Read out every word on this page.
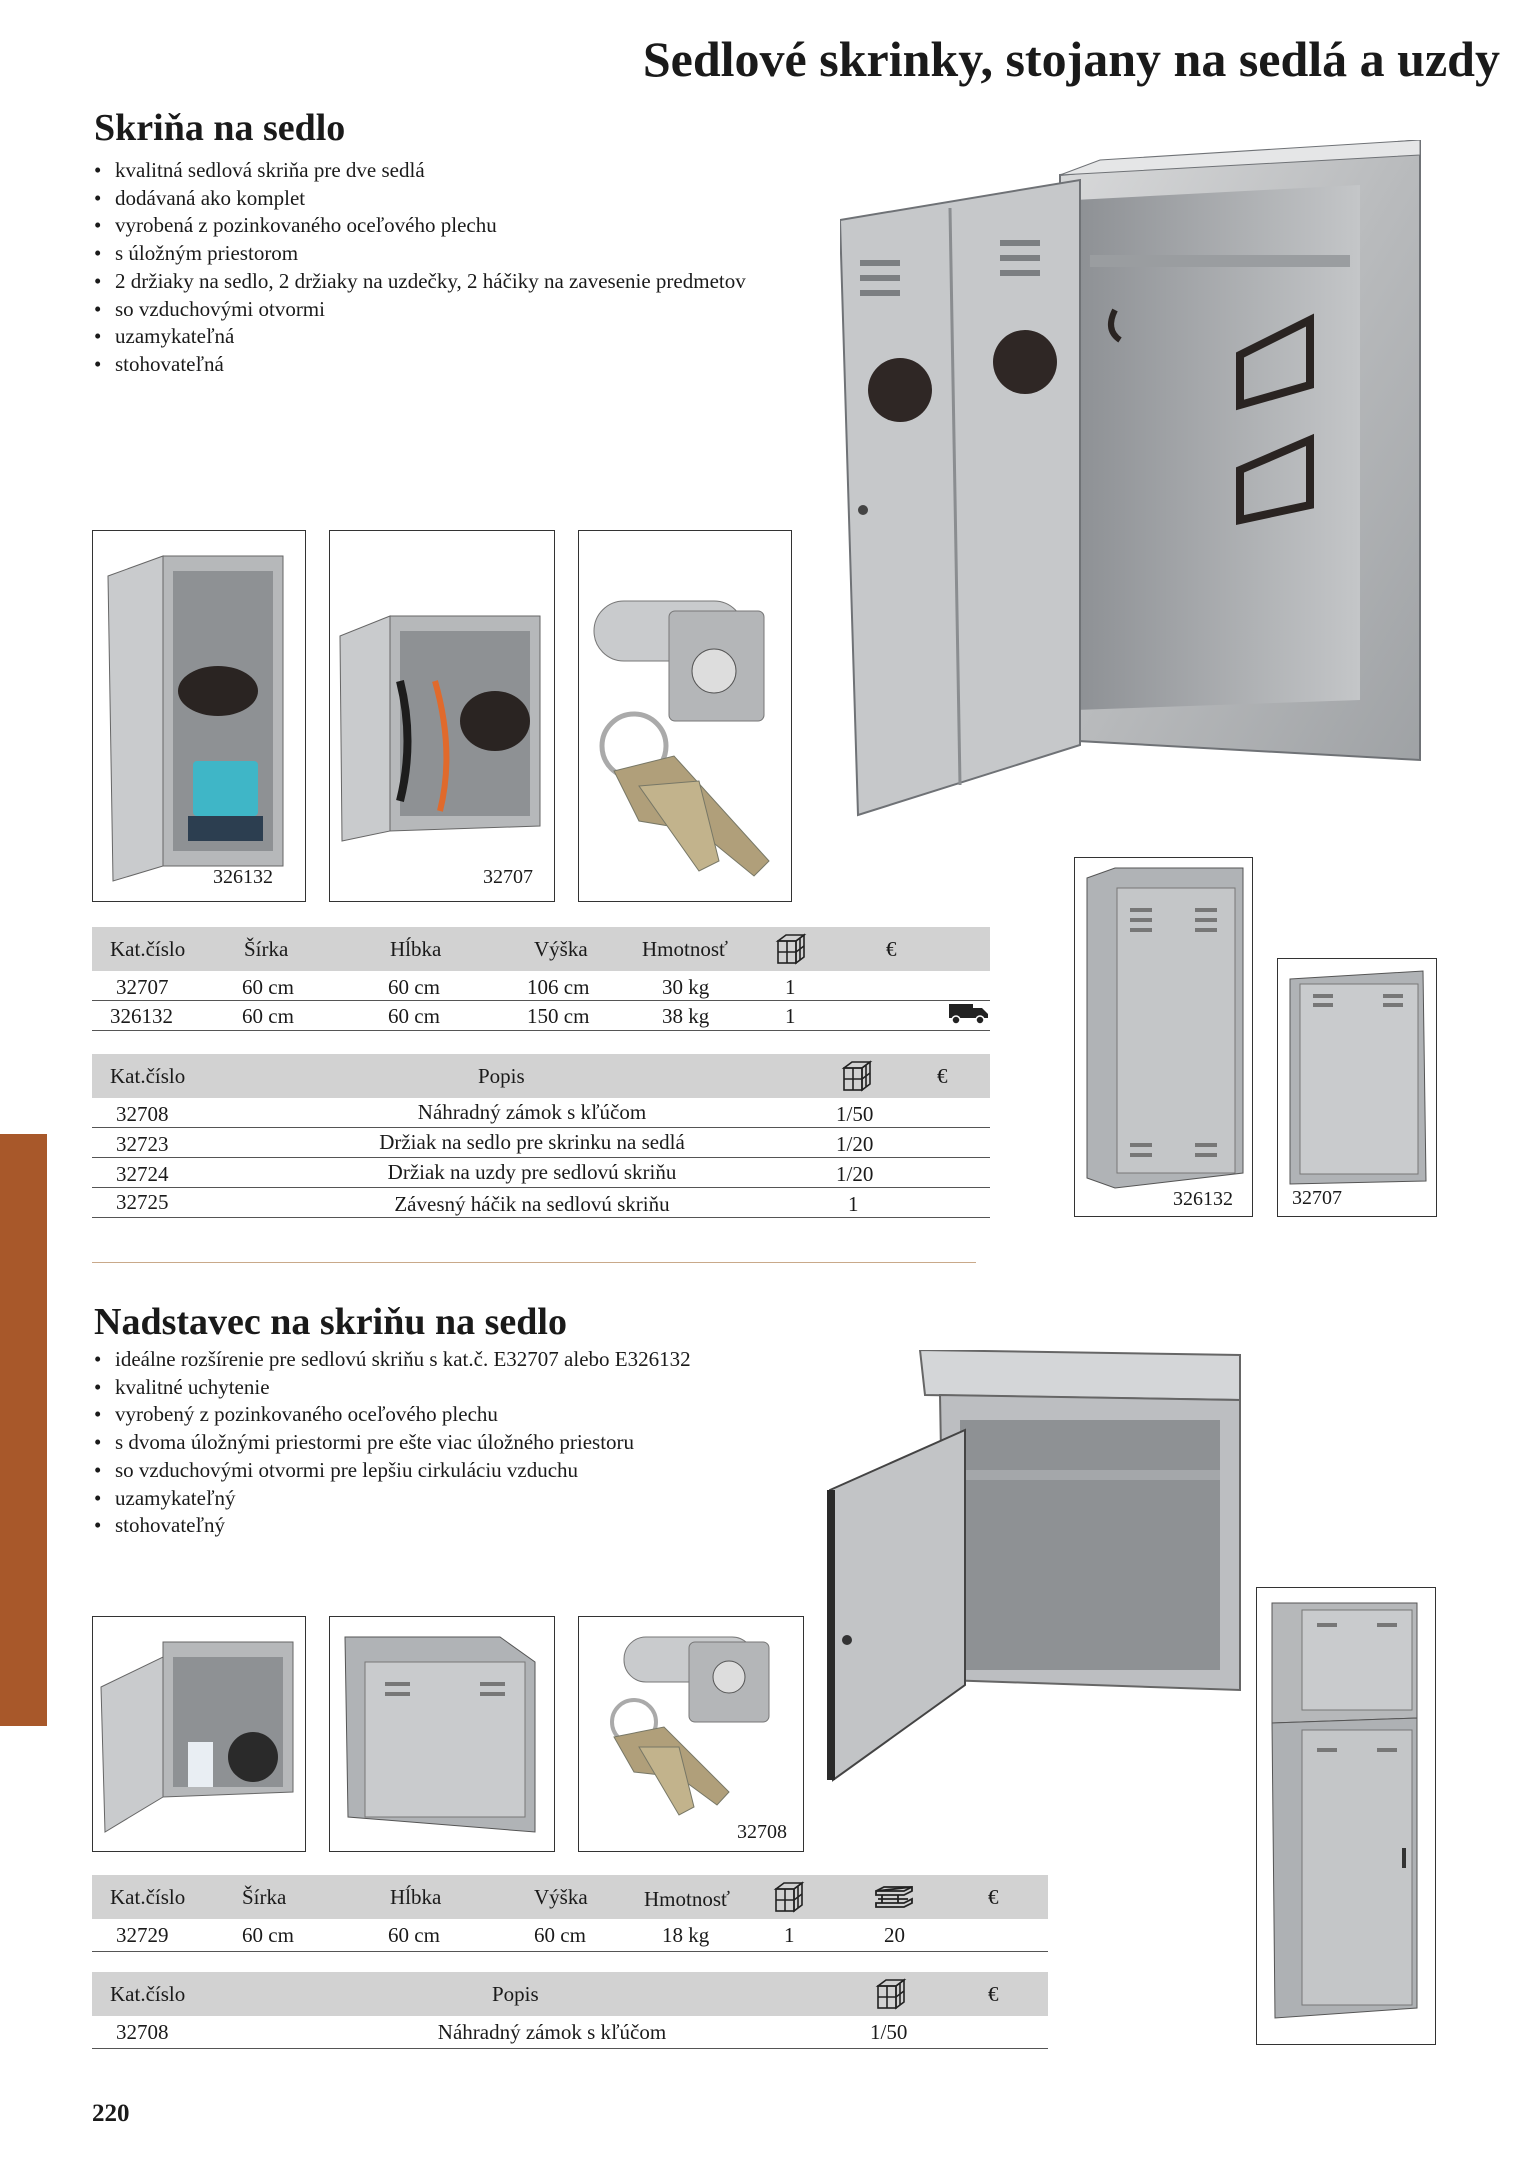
Sedlové skrinky, stojany na sedlá a uzdy
Skriňa na sedlo
• kvalitná sedlová skriňa pre dve sedlá
• dodávaná ako komplet
• vyrobená z pozinkovaného oceľového plechu
• s úložným priestorom
• 2 držiaky na sedlo, 2 držiaky na uzdečky, 2 háčiky na zavesenie predmetov
• so vzduchovými otvormi
• uzamykateľná
• stohovateľná
326132	32707
326132	32707
Kat.číslo	Šírka	Hĺbka	Výška	Hmotnosť	€
32707	60 cm	60 cm	106 cm	30 kg	1
326132	60 cm	60 cm	150 cm	38 kg	1
Kat.číslo	Popis	€
32708	Náhradný zámok s kľúčom	1/50
32723	Držiak na sedlo pre skrinku na sedlá	1/20
32724	Držiak na uzdy pre sedlovú skriňu	1/20
32725	Závesný háčik na sedlovú skriňu	1
Nadstavec na skriňu na sedlo
• ideálne rozšírenie pre sedlovú skriňu s kat.č. E32707 alebo E326132
• kvalitné uchytenie
• vyrobený z pozinkovaného oceľového plechu
• s dvoma úložnými priestormi pre ešte viac úložného priestoru
• so vzduchovými otvormi pre lepšiu cirkuláciu vzduchu
• uzamykateľný
• stohovateľný
32708
Kat.číslo	Šírka	Hĺbka	Výška	Hmotnosť	€
32729	60 cm	60 cm	60 cm	18 kg	1	20
Kat.číslo	Popis	€
32708	Náhradný zámok s kľúčom	1/50
220
